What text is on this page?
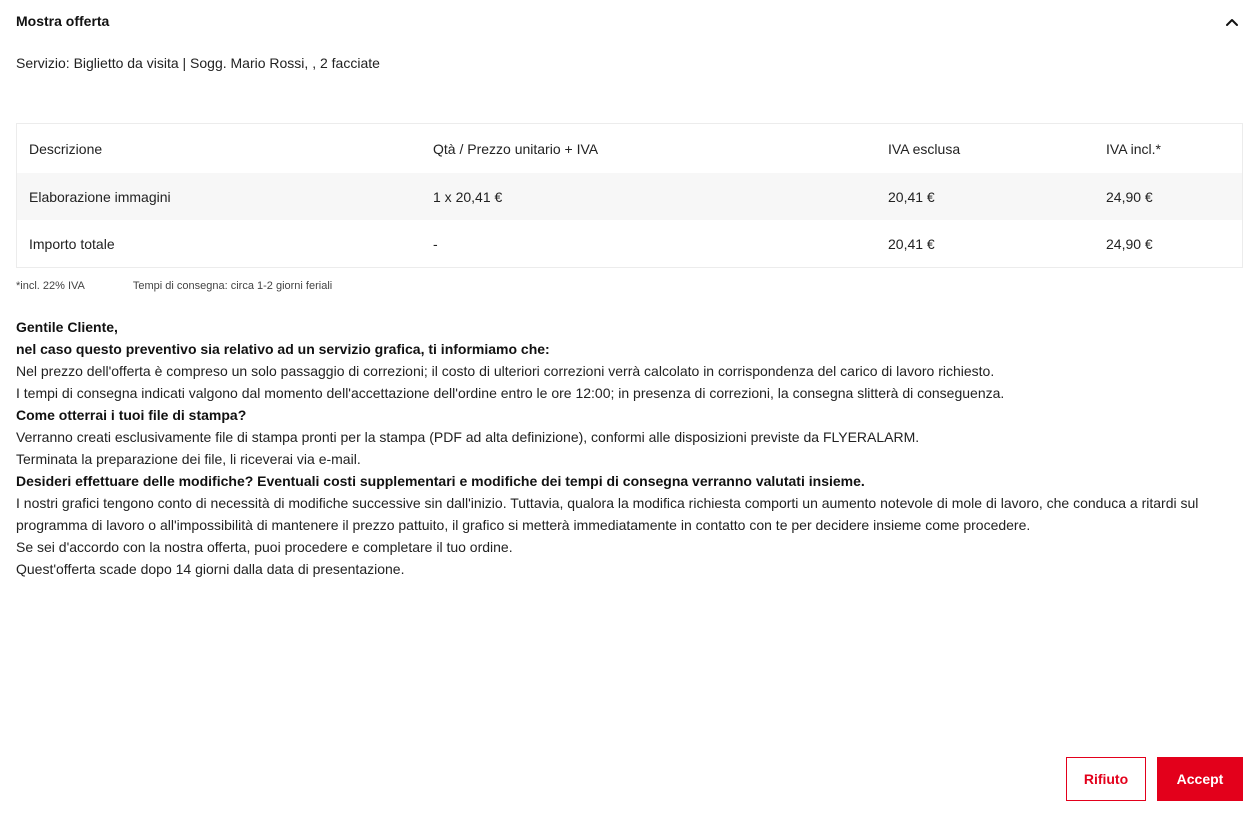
Mostra offerta
Servizio: Biglietto da visita | Sogg. Mario Rossi, , 2 facciate
Descrizione	Qtà / Prezzo unitario + IVA	IVA esclusa	IVA incl.*
Elaborazione immagini	1 x 20,41 €	20,41 €	24,90 €
Importo totale	-	20,41 €	24,90 €
*incl. 22% IVA	Tempi di consegna: circa 1-2 giorni feriali

Gentile Cliente,

nel caso questo preventivo sia relativo ad un servizio grafica, ti informiamo che:

Nel prezzo dell'offerta è compreso un solo passaggio di correzioni; il costo di ulteriori correzioni verrà calcolato in corrispondenza del carico di lavoro richiesto.

I tempi di consegna indicati valgono dal momento dell'accettazione dell'ordine entro le ore 12:00; in presenza di correzioni, la consegna slitterà di conseguenza.

Come otterrai i tuoi file di stampa?

Verranno creati esclusivamente file di stampa pronti per la stampa (PDF ad alta definizione), conformi alle disposizioni previste da FLYERALARM.

Terminata la preparazione dei file, li riceverai via e-mail.

Desideri effettuare delle modifiche? Eventuali costi supplementari e modifiche dei tempi di consegna verranno valutati insieme.

I nostri grafici tengono conto di necessità di modifiche successive sin dall'inizio. Tuttavia, qualora la modifica richiesta comporti un aumento notevole di mole di lavoro, che conduca a ritardi sul programma di lavoro o all'impossibilità di mantenere il prezzo pattuito, il grafico si metterà immediatamente in contatto con te per decidere insieme come procedere.

Se sei d'accordo con la nostra offerta, puoi procedere e completare il tuo ordine.

Quest'offerta scade dopo 14 giorni dalla data di presentazione.

Rifiuto	Accept
